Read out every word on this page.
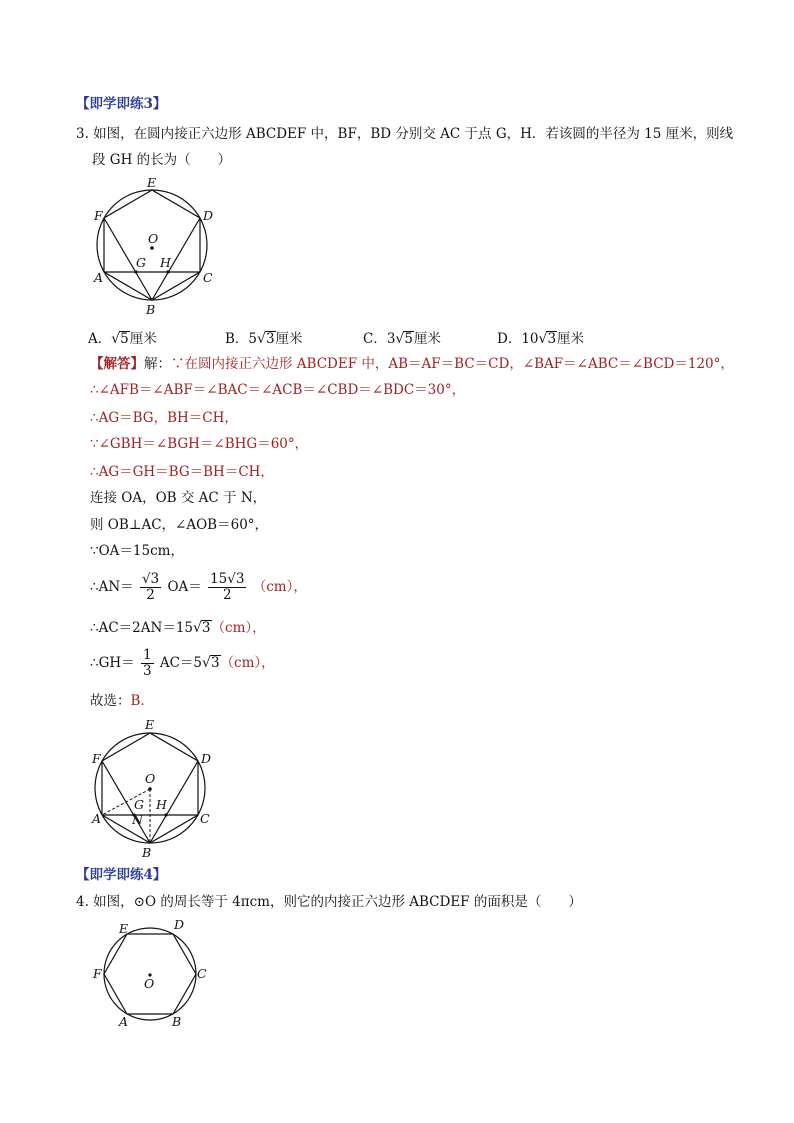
【即学即练3】
3. 如图，在圆内接正六边形 ABCDEF 中，BF，BD 分别交 AC 于点 G，H．若该圆的半径为 15 厘米，则线
段 GH 的长为（　　）
E
F	D
O
A
G H
C
B
A．√5厘米	B．5√3厘米	C．3√5厘米	D．10√3厘米
【解答】解：∵在圆内接正六边形 ABCDEF 中，AB＝AF＝BC＝CD，∠BAF＝∠ABC＝∠BCD＝120°，
∴∠AFB＝∠ABF＝∠BAC＝∠ACB＝∠CBD＝∠BDC＝30°，
∴AG＝BG，BH＝CH，
∵∠GBH＝∠BGH＝∠BHG＝60°，
∴AG＝GH＝BG＝BH＝CH，
连接 OA，OB 交 AC 于 N，
则 OB⊥AC，∠AOB＝60°，
∵OA＝15cm，
∴AN＝ $\frac{√3}{2} OA= \frac{15√3}{2} (cm)$，
∴AC＝2AN＝15√3（cm），
∴GH＝ $\frac{1}{3} AC=5√3(cm)$，
故选：B．
E
F	D
O
G H
A N	C
B
【即学即练4】
4. 如图，⊙O 的周长等于 4πcm，则它的内接正六边形 ABCDEF 的面积是（　　）
E	D
F	C
O
A	B
